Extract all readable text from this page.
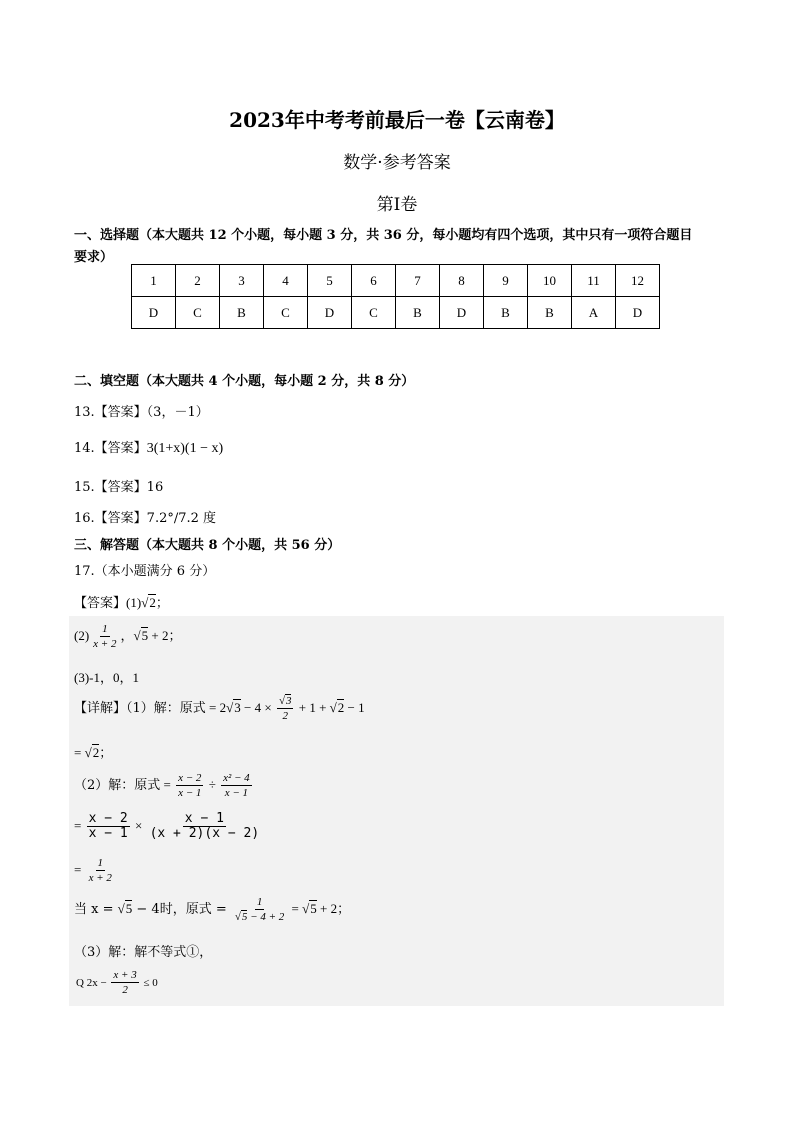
2023年中考考前最后一卷【云南卷】
数学·参考答案
第Ⅰ卷
一、选择题（本大题共 12 个小题，每小题 3 分，共 36 分，每小题均有四个选项，其中只有一项符合题目
要求）
1	2	3	4	5	6	7	8	9	10	11	12
D	C	B	C	D	C	B	D	B	B	A	D
二、填空题（本大题共 4 个小题，每小题 2 分，共 8 分）
13.【答案】（3，－1）
14.【答案】3(1+x)(1 − x)
15.【答案】16
16.【答案】7.2°/7.2 度
三、解答题（本大题共 8 个小题，共 56 分）
17.（本小题满分 6 分）
【答案】(1)√2；
$(2) \frac{1}{x + 2}$ ，√5 + 2；
(3)-1，0，1
【详解】（1）解：原式 = $2√3 - 4 \times \frac{√3}{2} + 1 + √2 - 1$
= √2；
（2）解：原式 = $\frac{x - 2}{x - 1} \div \frac{\text{x² − 4}}{x - 1}$
= $\frac{x - 2}{x - 1} \times \frac{x - 1}{(x + 2)(x - 2)}$
= $\frac{1}{x + 2}$
当 x = √5 − 4时，原式 = $\frac{1}{√5 - 4 + 2} = √5 + 2$；
（3）解：解不等式①，
Q $2x - \frac{x + 3}{2} \le 0$
